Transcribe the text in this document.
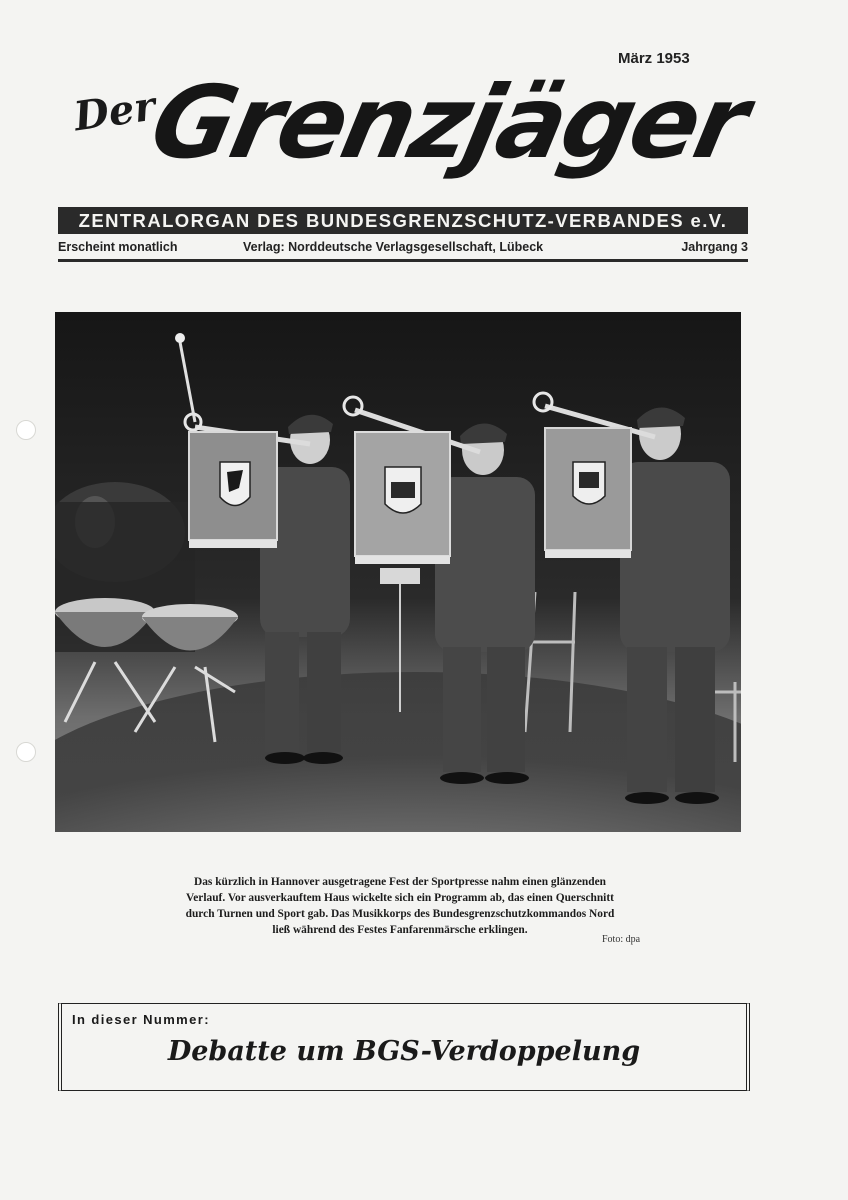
März 1953
Der
Grenzjäger
ZENTRALORGAN DES BUNDESGRENZSCHUTZ-VERBANDES e.V.
Erscheint monatlich	Verlag: Norddeutsche Verlagsgesellschaft, Lübeck	Jahrgang 3
Das kürzlich in Hannover ausgetragene Fest der Sportpresse nahm einen glänzenden
Verlauf. Vor ausverkauftem Haus wickelte sich ein Programm ab, das einen Querschnitt
durch Turnen und Sport gab. Das Musikkorps des Bundesgrenzschutzkommandos Nord
ließ während des Festes Fanfarenmärsche erklingen.
Foto: dpa
In dieser Nummer:
Debatte um BGS-Verdoppelung
